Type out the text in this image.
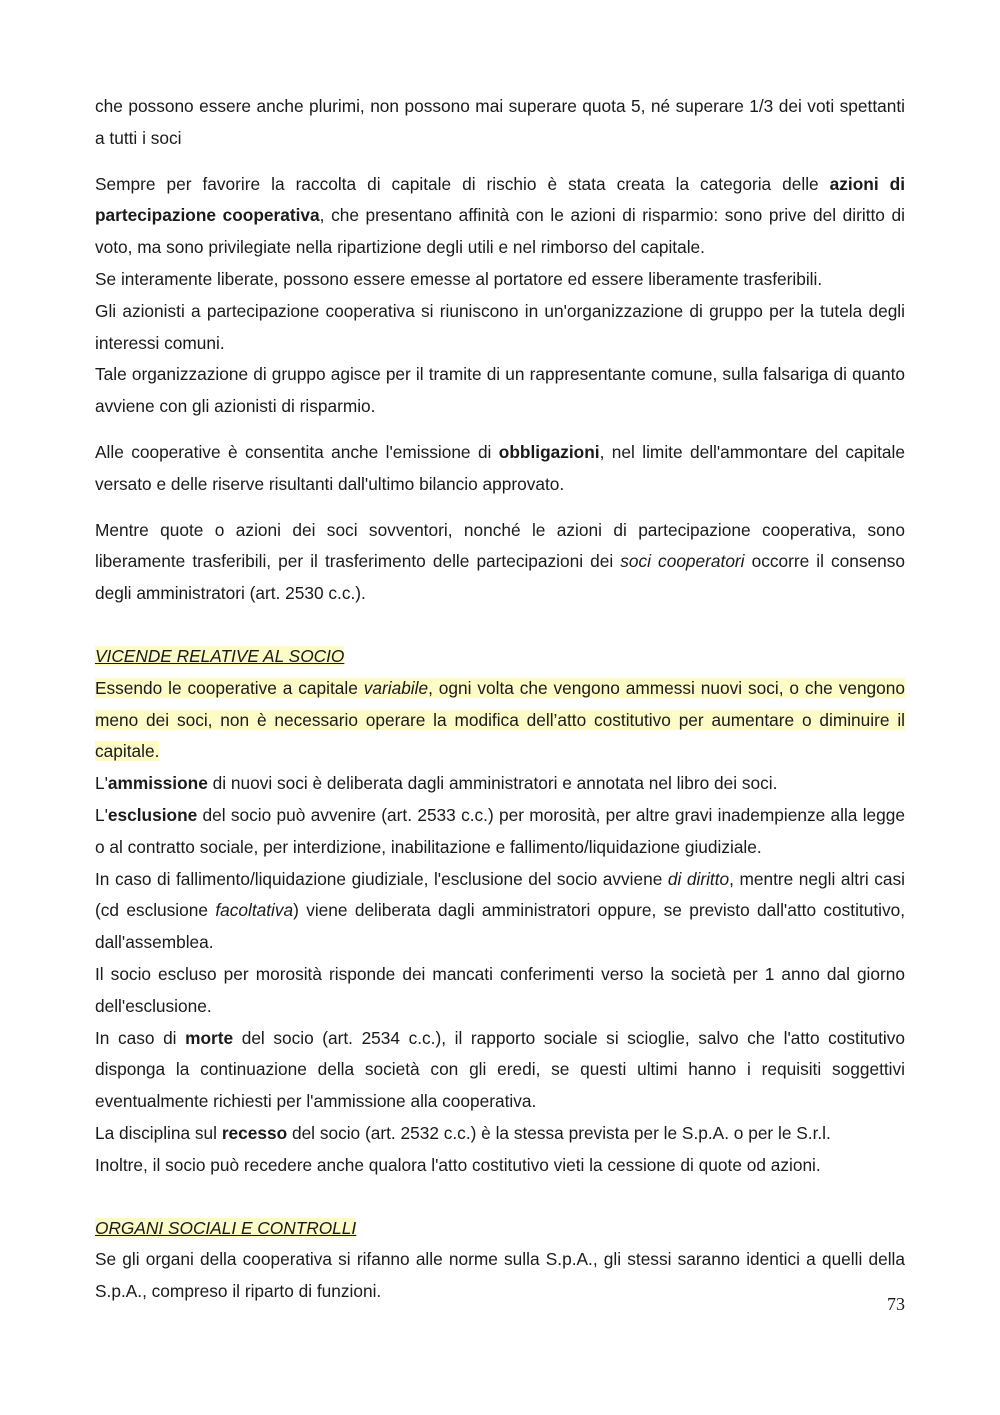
che possono essere anche plurimi, non possono mai superare quota 5, né superare 1/3 dei voti spettanti a tutti i soci

Sempre per favorire la raccolta di capitale di rischio è stata creata la categoria delle azioni di partecipazione cooperativa, che presentano affinità con le azioni di risparmio: sono prive del diritto di voto, ma sono privilegiate nella ripartizione degli utili e nel rimborso del capitale.

Se interamente liberate, possono essere emesse al portatore ed essere liberamente trasferibili.

Gli azionisti a partecipazione cooperativa si riuniscono in un'organizzazione di gruppo per la tutela degli interessi comuni.

Tale organizzazione di gruppo agisce per il tramite di un rappresentante comune, sulla falsariga di quanto avviene con gli azionisti di risparmio.

Alle cooperative è consentita anche l'emissione di obbligazioni, nel limite dell'ammontare del capitale versato e delle riserve risultanti dall'ultimo bilancio approvato.

Mentre quote o azioni dei soci sovventori, nonché le azioni di partecipazione cooperativa, sono liberamente trasferibili, per il trasferimento delle partecipazioni dei soci cooperatori occorre il consenso degli amministratori (art. 2530 c.c.).

VICENDE RELATIVE AL SOCIO

Essendo le cooperative a capitale variabile, ogni volta che vengono ammessi nuovi soci, o che vengono meno dei soci, non è necessario operare la modifica dell’atto costitutivo per aumentare o diminuire il capitale.

L'ammissione di nuovi soci è deliberata dagli amministratori e annotata nel libro dei soci.

L'esclusione del socio può avvenire (art. 2533 c.c.) per morosità, per altre gravi inadempienze alla legge o al contratto sociale, per interdizione, inabilitazione e fallimento/liquidazione giudiziale.

In caso di fallimento/liquidazione giudiziale, l'esclusione del socio avviene di diritto, mentre negli altri casi (cd esclusione facoltativa) viene deliberata dagli amministratori oppure, se previsto dall'atto costitutivo, dall'assemblea.

Il socio escluso per morosità risponde dei mancati conferimenti verso la società per 1 anno dal giorno dell'esclusione.

In caso di morte del socio (art. 2534 c.c.), il rapporto sociale si scioglie, salvo che l'atto costitutivo disponga la continuazione della società con gli eredi, se questi ultimi hanno i requisiti soggettivi eventualmente richiesti per l'ammissione alla cooperativa.

La disciplina sul recesso del socio (art. 2532 c.c.) è la stessa prevista per le S.p.A. o per le S.r.l.

Inoltre, il socio può recedere anche qualora l'atto costitutivo vieti la cessione di quote od azioni.

ORGANI SOCIALI E CONTROLLI

Se gli organi della cooperativa si rifanno alle norme sulla S.p.A., gli stessi saranno identici a quelli della S.p.A., compreso il riparto di funzioni.

73
